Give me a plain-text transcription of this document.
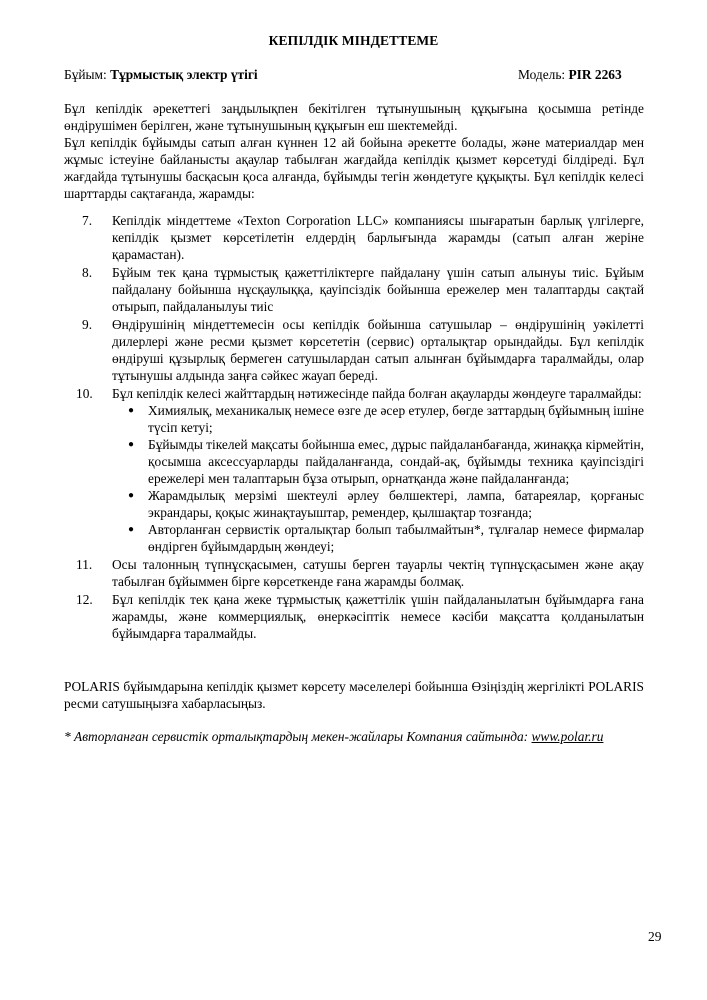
КЕПІЛДІК МІНДЕТТЕМЕ
Бұйым: Тұрмыстық электр үтігі	Модель: PIR 2263

Бұл кепілдік әрекеттегі заңдылықпен бекітілген тұтынушының құқығына қосымша ретінде өндірушімен берілген, және тұтынушының құқығын еш шектемейді.

Бұл кепілдік бұйымды сатып алған күннен 12 ай бойына әрекетте болады, және материалдар мен жұмыс істеуіне байланысты ақаулар табылған жағдайда кепілдік қызмет көрсетуді білдіреді. Бұл жағдайда тұтынушы басқасын қоса алғанда, бұйымды тегін жөндетуге құқықты. Бұл кепілдік келесі шарттарды сақтағанда, жарамды:

7. Кепілдік міндеттеме «Texton Corporation LLC» компаниясы шығаратын барлық үлгілерге, кепілдік қызмет көрсетілетін елдердің барлығында жарамды (сатып алған жеріне қарамастан).
8. Бұйым тек қана тұрмыстық қажеттіліктерге пайдалану үшін сатып алынуы тиіс. Бұйым пайдалану бойынша нұсқаулыққа, қауіпсіздік бойынша ережелер мен талаптарды сақтай отырып, пайдаланылуы тиіс
9. Өндірушінің міндеттемесін осы кепілдік бойынша сатушылар – өндірушінің уәкілетті дилерлері және ресми қызмет көрсететін (сервис) орталықтар орындайды. Бұл кепілдік өндіруші құзырлық бермеген сатушылардан сатып алынған бұйымдарға таралмайды, олар тұтынушы алдында заңға сәйкес жауап береді.
10. Бұл кепілдік келесі жайттардың нәтижесінде пайда болған ақауларды жөндеуге таралмайды:
● Химиялық, механикалық немесе өзге де әсер етулер, бөгде заттардың бұйымның ішіне түсіп кетуі;
● Бұйымды тікелей мақсаты бойынша емес, дұрыс пайдаланбағанда, жинаққа кірмейтін, қосымша аксессуарларды пайдаланғанда, сондай-ақ, бұйымды техника қауіпсіздігі ережелері мен талаптарын бұза отырып, орнатқанда және пайдаланғанда;
● Жарамдылық мерзімі шектеулі әрлеу бөлшектері, лампа, батареялар, қорғаныс экрандары, қоқыс жинақтауыштар, ремендер, қылшақтар тозғанда;
● Авторланған сервистік орталықтар болып табылмайтын*, тұлғалар немесе фирмалар өндірген бұйымдардың жөндеуі;
11. Осы талонның түпнұсқасымен, сатушы берген тауарлы чектің түпнұсқасымен және ақау табылған бұйыммен бірге көрсеткенде ғана жарамды болмақ.
12. Бұл кепілдік тек қана жеке тұрмыстық қажеттілік үшін пайдаланылатын бұйымдарға ғана жарамды, және коммерциялық, өнеркәсіптік немесе кәсіби мақсатта қолданылатын бұйымдарға таралмайды.
POLARIS бұйымдарына кепілдік қызмет көрсету мәселелері бойынша Өзіңіздің жергілікті POLARIS ресми сатушыңызға хабарласыңыз.
* Авторланған сервистік орталықтардың мекен-жайлары Компания сайтында: www.polar.ru
29
